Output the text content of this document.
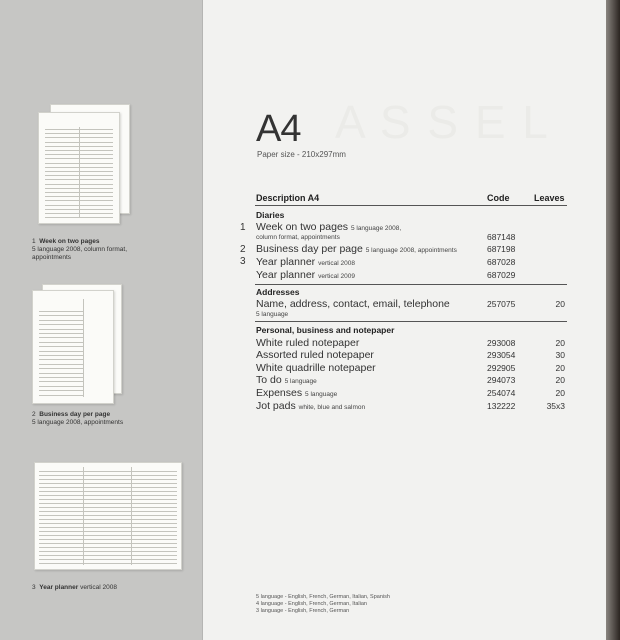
1 Week on two pages
5 language 2008, column format,
appointments
2 Business day per page
5 language 2008, appointments
3 Year planner vertical 2008
A S S E L
A4
Paper size - 210x297mm
Description A4	Code	Leaves
Diaries
1 Week on two pages 5 language 2008,
column format, appointments	687148
2 Business day per page 5 language 2008, appointments	687198
3 Year planner vertical 2008	687028
Year planner vertical 2009	687029
Addresses
Name, address, contact, email, telephone	257075	20
5 language
Personal, business and notepaper
White ruled notepaper	293008	20
Assorted ruled notepaper	293054	30
White quadrille notepaper	292905	20
To do 5 language	294073	20
Expenses 5 language	254074	20
Jot pads white, blue and salmon	132222	35x3
5 language - English, French, German, Italian, Spanish
4 language - English, French, German, Italian
3 language - English, French, German
